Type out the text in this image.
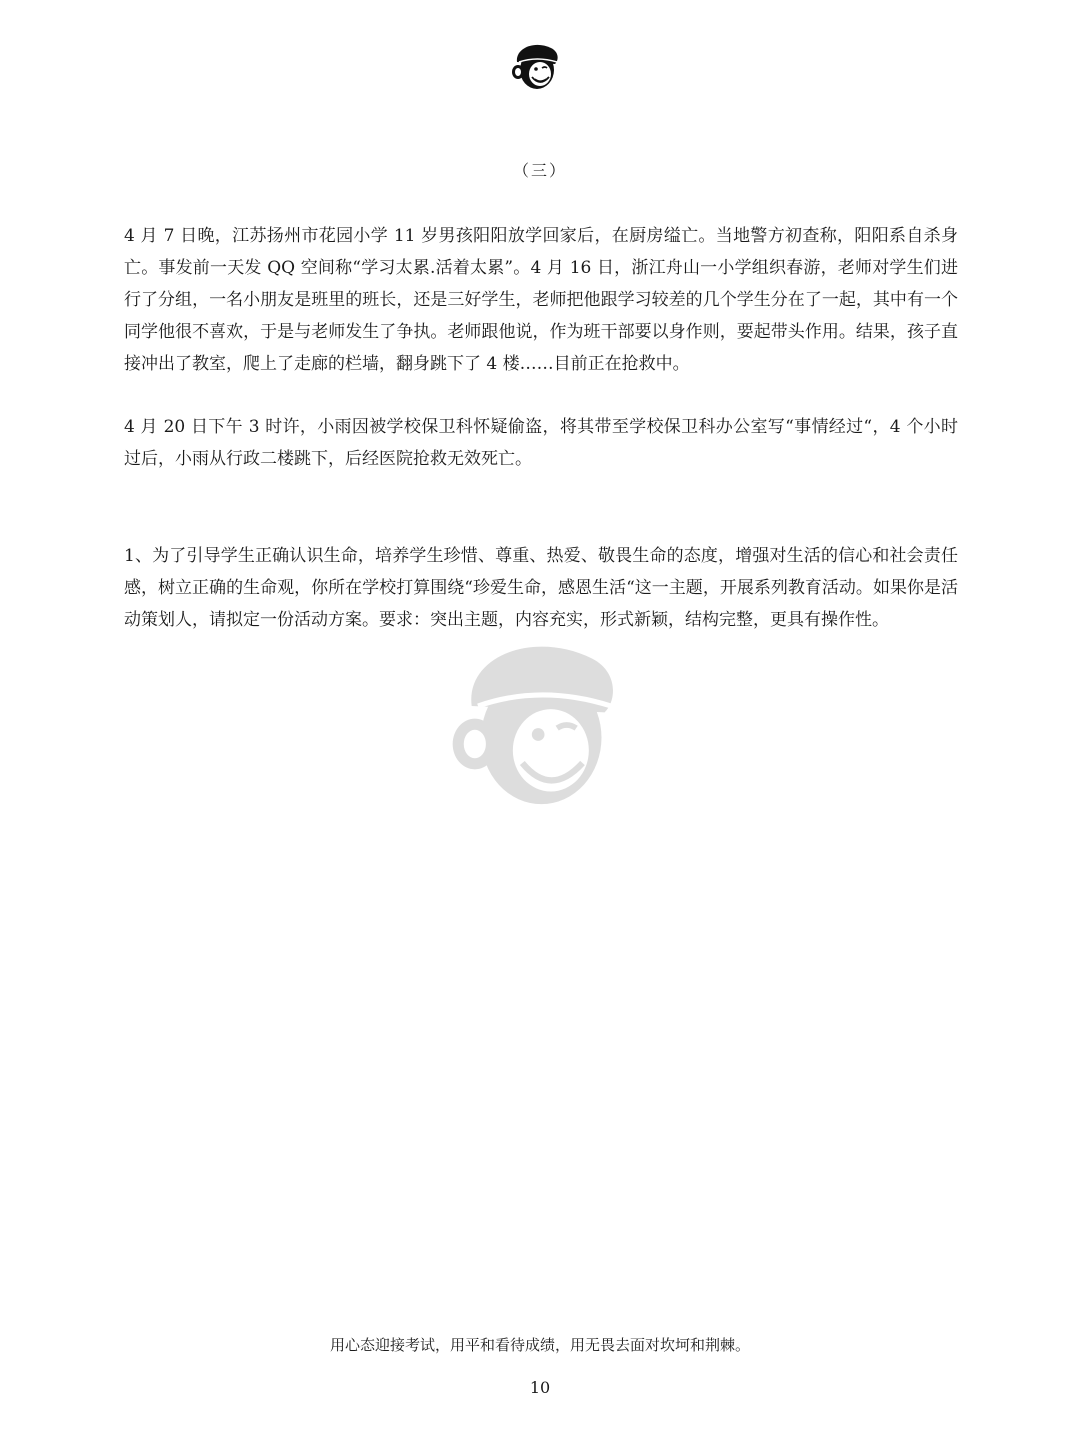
（三）

4 月 7 日晚，江苏扬州市花园小学 11 岁男孩阳阳放学回家后，在厨房缢亡。当地警方初查称，阳阳系自杀身亡。事发前一天发 QQ 空间称“学习太累.活着太累”。4 月 16 日，浙江舟山一小学组织春游，老师对学生们进行了分组，一名小朋友是班里的班长，还是三好学生，老师把他跟学习较差的几个学生分在了一起，其中有一个同学他很不喜欢，于是与老师发生了争执。老师跟他说，作为班干部要以身作则，要起带头作用。结果，孩子直接冲出了教室，爬上了走廊的栏墙，翻身跳下了 4 楼……目前正在抢救中。

4 月 20 日下午 3 时许，小雨因被学校保卫科怀疑偷盗，将其带至学校保卫科办公室写“事情经过“，4 个小时过后，小雨从行政二楼跳下，后经医院抢救无效死亡。

1、为了引导学生正确认识生命，培养学生珍惜、尊重、热爱、敬畏生命的态度，增强对生活的信心和社会责任感，树立正确的生命观，你所在学校打算围绕“珍爱生命，感恩生活“这一主题，开展系列教育活动。如果你是活动策划人，请拟定一份活动方案。要求：突出主题，内容充实，形式新颖，结构完整，更具有操作性。

用心态迎接考试，用平和看待成绩，用无畏去面对坎坷和荆棘。
10
